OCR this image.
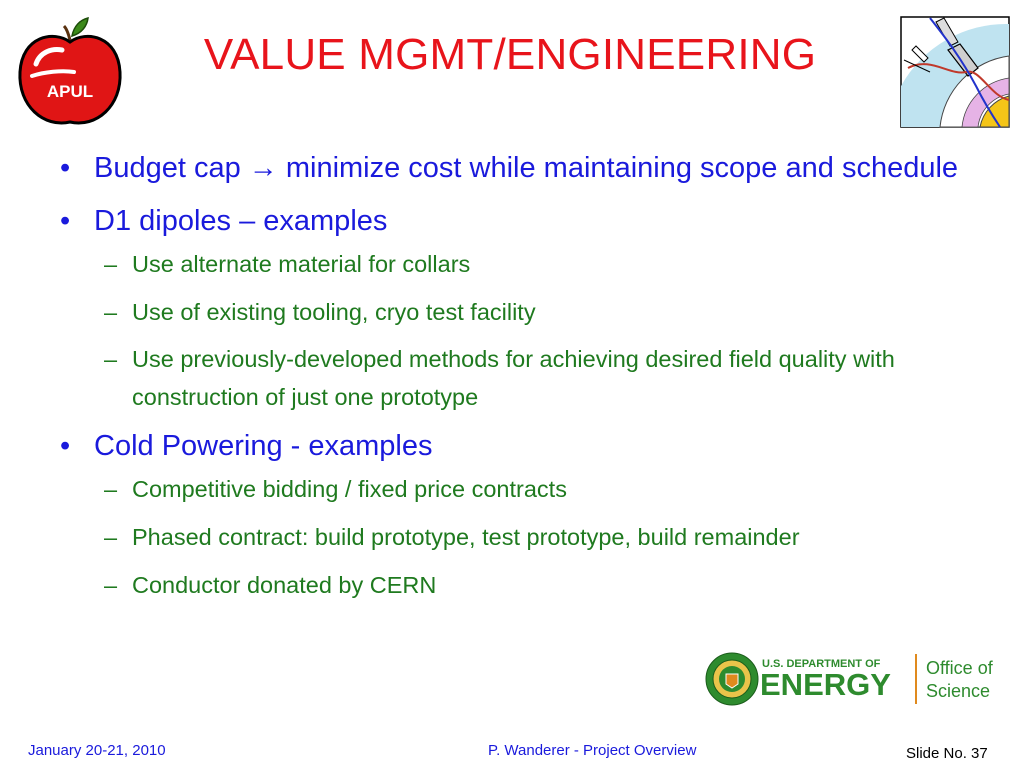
APUL
VALUE MGMT/ENGINEERING
• Budget cap → minimize cost while maintaining scope and schedule
• D1 dipoles – examples
– Use alternate material for collars
– Use of existing tooling, cryo test facility
– Use previously-developed methods for achieving desired field quality with construction of just one prototype
• Cold Powering - examples
– Competitive bidding / fixed price contracts
– Phased contract: build prototype, test prototype, build remainder
– Conductor donated by CERN
U.S. DEPARTMENT OF
ENERGY Office of
Science
January 20-21, 2010	P. Wanderer - Project Overview	Slide No. 37
